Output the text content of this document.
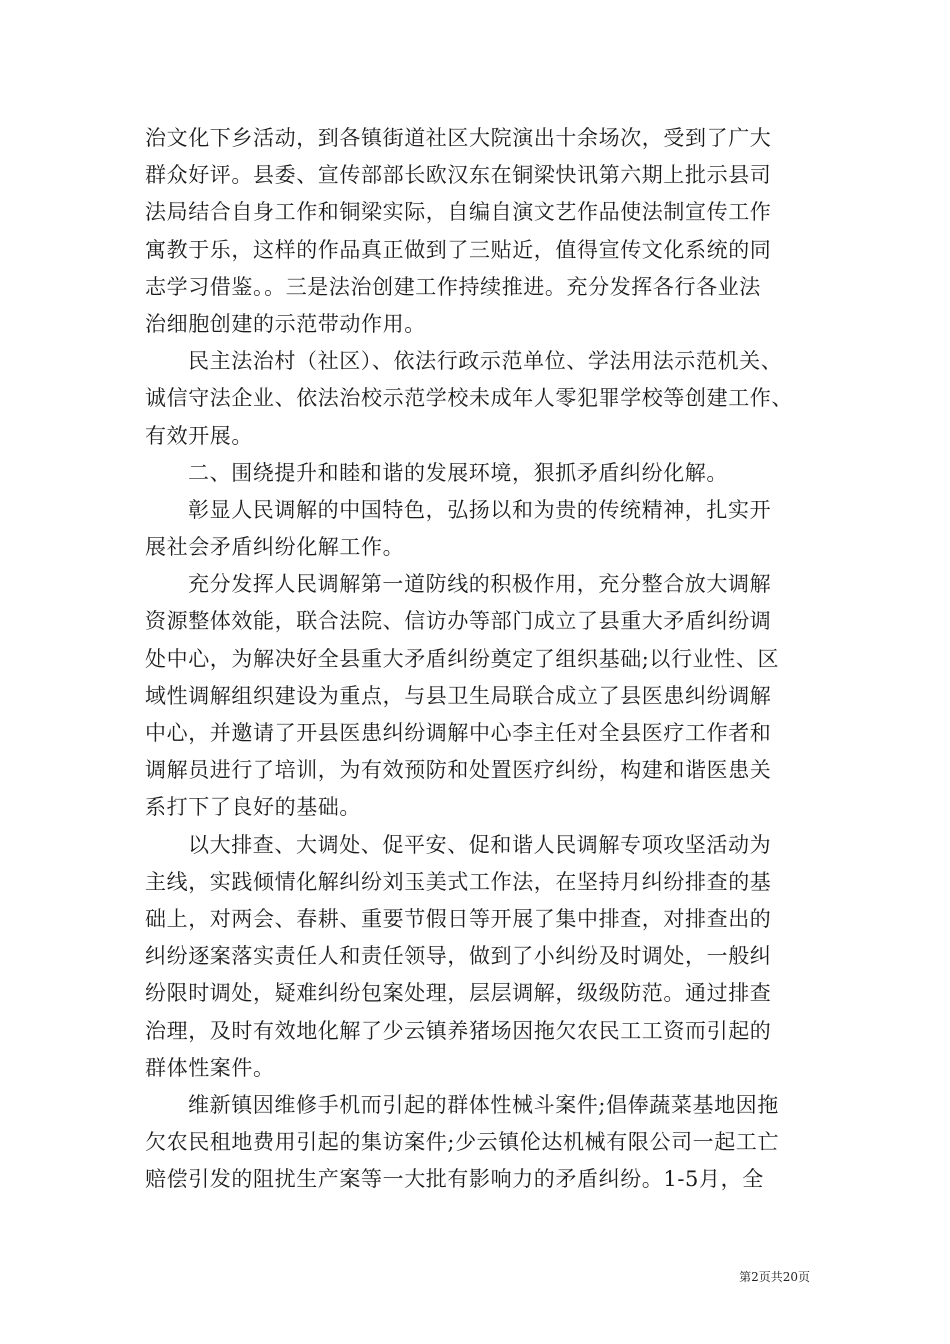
治文化下乡活动，到各镇街道社区大院演出十余场次，受到了广大
群众好评。县委、宣传部部长欧汉东在铜梁快讯第六期上批示县司
法局结合自身工作和铜梁实际，自编自演文艺作品使法制宣传工作
寓教于乐，这样的作品真正做到了三贴近，值得宣传文化系统的同
志学习借鉴。。三是法治创建工作持续推进。充分发挥各行各业法
治细胞创建的示范带动作用。
民主法治村（社区）、依法行政示范单位、学法用法示范机关、
诚信守法企业、依法治校示范学校未成年人零犯罪学校等创建工作、
有效开展。
二、围绕提升和睦和谐的发展环境，狠抓矛盾纠纷化解。
彰显人民调解的中国特色，弘扬以和为贵的传统精神，扎实开
展社会矛盾纠纷化解工作。
充分发挥人民调解第一道防线的积极作用，充分整合放大调解
资源整体效能，联合法院、信访办等部门成立了县重大矛盾纠纷调
处中心，为解决好全县重大矛盾纠纷奠定了组织基础;以行业性、区
域性调解组织建设为重点，与县卫生局联合成立了县医患纠纷调解
中心，并邀请了开县医患纠纷调解中心李主任对全县医疗工作者和
调解员进行了培训，为有效预防和处置医疗纠纷，构建和谐医患关
系打下了良好的基础。
以大排查、大调处、促平安、促和谐人民调解专项攻坚活动为
主线，实践倾情化解纠纷刘玉美式工作法，在坚持月纠纷排查的基
础上，对两会、春耕、重要节假日等开展了集中排查，对排查出的
纠纷逐案落实责任人和责任领导，做到了小纠纷及时调处，一般纠
纷限时调处，疑难纠纷包案处理，层层调解，级级防范。通过排查
治理，及时有效地化解了少云镇养猪场因拖欠农民工工资而引起的
群体性案件。
维新镇因维修手机而引起的群体性械斗案件;倡俸蔬菜基地因拖
欠农民租地费用引起的集访案件;少云镇伦达机械有限公司一起工亡
赔偿引发的阻扰生产案等一大批有影响力的矛盾纠纷。1-5月，全
第2页共20页
